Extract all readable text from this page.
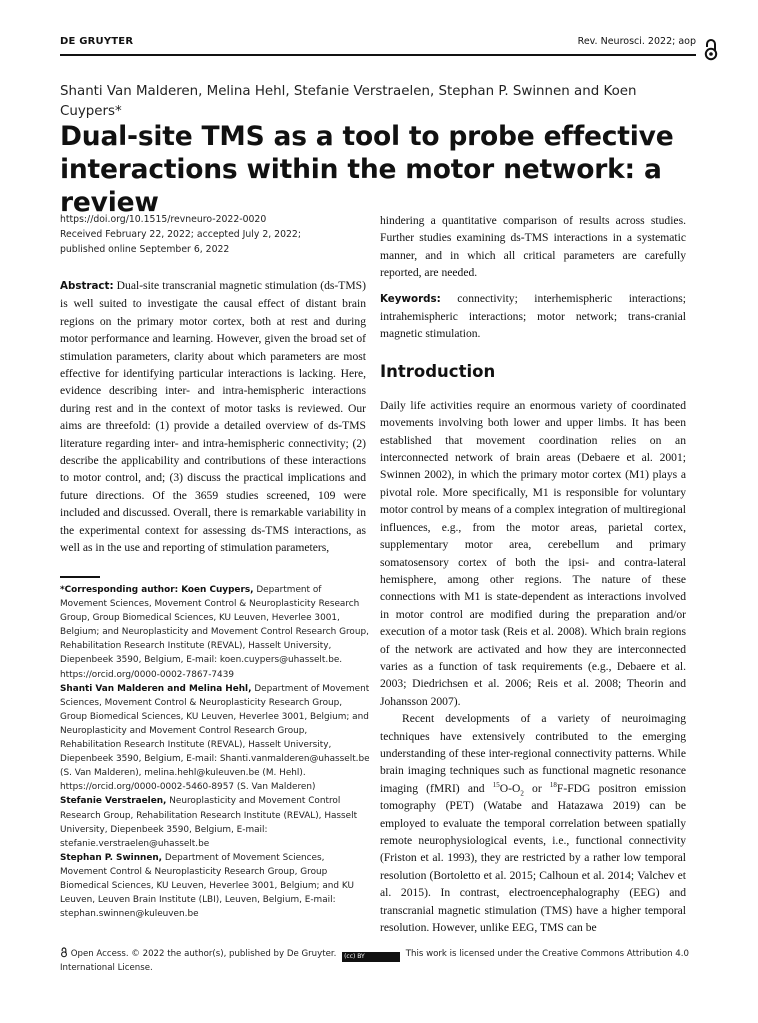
DE GRUYTER	Rev. Neurosci. 2022; aop
Shanti Van Malderen, Melina Hehl, Stefanie Verstraelen, Stephan P. Swinnen and Koen Cuypers*
Dual-site TMS as a tool to probe effective interactions within the motor network: a review

https://doi.org/10.1515/revneuro-2022-0020

Received February 22, 2022; accepted July 2, 2022;

published online September 6, 2022

Abstract: Dual-site transcranial magnetic stimulation (ds-TMS) is well suited to investigate the causal effect of distant brain regions on the primary motor cortex, both at rest and during motor performance and learning. However, given the broad set of stimulation parameters, clarity about which parameters are most effective for identifying particular interactions is lacking. Here, evidence describing inter- and intra-hemispheric interactions during rest and in the context of motor tasks is reviewed. Our aims are threefold: (1) provide a detailed overview of ds-TMS literature regarding inter- and intra-hemispheric connectivity; (2) describe the applicability and contributions of these interactions to motor control, and; (3) discuss the practical implications and future directions. Of the 3659 studies screened, 109 were included and discussed. Overall, there is remarkable variability in the experimental context for assessing ds-TMS interactions, as well as in the use and reporting of stimulation parameters,

*Corresponding author: Koen Cuypers, Department of Movement Sciences, Movement Control & Neuroplasticity Research Group, Group Biomedical Sciences, KU Leuven, Heverlee 3001, Belgium; and Neuroplasticity and Movement Control Research Group, Rehabilitation Research Institute (REVAL), Hasselt University, Diepenbeek 3590, Belgium, E-mail: koen.cuypers@uhasselt.be. https://orcid.org/0000-0002-7867-7439

Shanti Van Malderen and Melina Hehl, Department of Movement Sciences, Movement Control & Neuroplasticity Research Group, Group Biomedical Sciences, KU Leuven, Heverlee 3001, Belgium; and Neuroplasticity and Movement Control Research Group, Rehabilitation Research Institute (REVAL), Hasselt University, Diepenbeek 3590, Belgium, E-mail: Shanti.vanmalderen@uhasselt.be (S. Van Malderen), melina.hehl@kuleuven.be (M. Hehl). https://orcid.org/0000-0002-5460-8957 (S. Van Malderen)

Stefanie Verstraelen, Neuroplasticity and Movement Control Research Group, Rehabilitation Research Institute (REVAL), Hasselt University, Diepenbeek 3590, Belgium, E-mail: stefanie.verstraelen@uhasselt.be

Stephan P. Swinnen, Department of Movement Sciences, Movement Control & Neuroplasticity Research Group, Group Biomedical Sciences, KU Leuven, Heverlee 3001, Belgium; and KU Leuven, Leuven Brain Institute (LBI), Leuven, Belgium, E-mail: stephan.swinnen@kuleuven.be

hindering a quantitative comparison of results across studies. Further studies examining ds-TMS interactions in a systematic manner, and in which all critical parameters are carefully reported, are needed.

Keywords: connectivity; interhemispheric interactions; intrahemispheric interactions; motor network; trans-cranial magnetic stimulation.

Introduction

Daily life activities require an enormous variety of coordinated movements involving both lower and upper limbs. It has been established that movement coordination relies on an interconnected network of brain areas (Debaere et al. 2001; Swinnen 2002), in which the primary motor cortex (M1) plays a pivotal role. More specifically, M1 is responsible for voluntary motor control by means of a complex integration of multiregional influences, e.g., from the motor areas, parietal cortex, supplementary motor area, cerebellum and primary somatosensory cortex of both the ipsi- and contra-lateral hemisphere, among other regions. The nature of these connections with M1 is state-dependent as interactions involved in motor control are modified during the preparation and/or execution of a motor task (Reis et al. 2008). Which brain regions of the network are activated and how they are interconnected varies as a function of task requirements (e.g., Debaere et al. 2003; Diedrichsen et al. 2006; Reis et al. 2008; Theorin and Johansson 2007).

Recent developments of a variety of neuroimaging techniques have extensively contributed to the emerging understanding of these inter-regional connectivity patterns. While brain imaging techniques such as functional magnetic resonance imaging (fMRI) and $^{15}O-O_2$ or $^{18}$F-FDG positron emission tomography (PET) (Watabe and Hatazawa 2019) can be employed to evaluate the temporal correlation between spatially remote neurophysiological events, i.e., functional connectivity (Friston et al. 1993), they are restricted by a rather low temporal resolution (Bortoletto et al. 2015; Calhoun et al. 2014; Valchev et al. 2015). In contrast, electroencephalography (EEG) and transcranial magnetic stimulation (TMS) have a higher temporal resolution. However, unlike EEG, TMS can be

Open Access. © 2022 the author(s), published by De Gruyter. (cc) BY	This work is licensed under the Creative Commons Attribution 4.0 International License.
